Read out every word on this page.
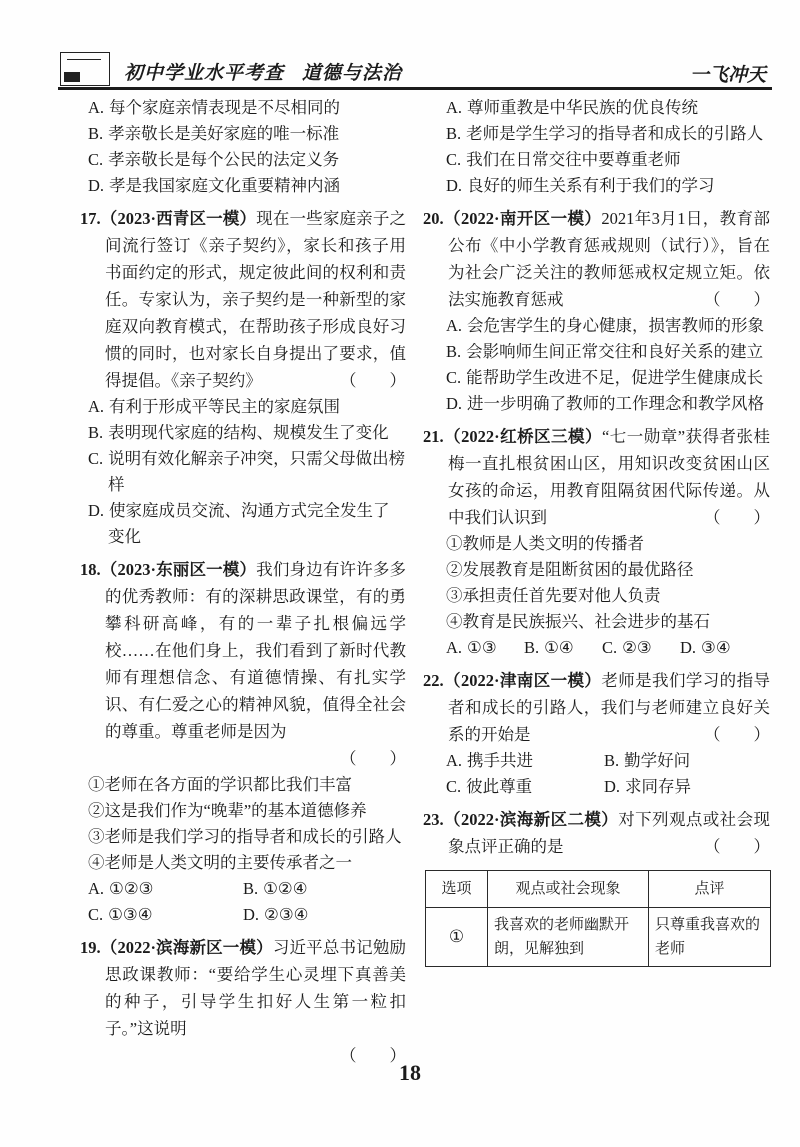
初中学业水平考查 道德与法治	一飞冲天
A. 每个家庭亲情表现是不尽相同的
B. 孝亲敬长是美好家庭的唯一标准
C. 孝亲敬长是每个公民的法定义务
D. 孝是我国家庭文化重要精神内涵
17.（2023·西青区一模）现在一些家庭亲子之间流行签订《亲子契约》，家长和孩子用书面约定的形式，规定彼此间的权利和责任。专家认为，亲子契约是一种新型的家庭双向教育模式，在帮助孩子形成良好习惯的同时，也对家长自身提出了要求，值得提倡。《亲子契约》	（　　）
A. 有利于形成平等民主的家庭氛围
B. 表明现代家庭的结构、规模发生了变化
C. 说明有效化解亲子冲突，只需父母做出榜样
D. 使家庭成员交流、沟通方式完全发生了变化
18.（2023·东丽区一模）我们身边有许许多多的优秀教师：有的深耕思政课堂，有的勇攀科研高峰，有的一辈子扎根偏远学校……在他们身上，我们看到了新时代教师有理想信念、有道德情操、有扎实学识、有仁爱之心的精神风貌，值得全社会的尊重。尊重老师是因为
（　　）
①老师在各方面的学识都比我们丰富
②这是我们作为“晚辈”的基本道德修养
③老师是我们学习的指导者和成长的引路人
④老师是人类文明的主要传承者之一
A. ①②③	B. ①②④
C. ①③④	D. ②③④
19.（2022·滨海新区一模）习近平总书记勉励思政课教师：“要给学生心灵埋下真善美的种子，引导学生扣好人生第一粒扣子。”这说明
（　　）
A. 尊师重教是中华民族的优良传统
B. 老师是学生学习的指导者和成长的引路人
C. 我们在日常交往中要尊重老师
D. 良好的师生关系有利于我们的学习
20.（2022·南开区一模）2021年3月1日，教育部公布《中小学教育惩戒规则（试行）》，旨在为社会广泛关注的教师惩戒权定规立矩。依法实施教育惩戒	（　　）
A. 会危害学生的身心健康，损害教师的形象
B. 会影响师生间正常交往和良好关系的建立
C. 能帮助学生改进不足，促进学生健康成长
D. 进一步明确了教师的工作理念和教学风格
21.（2022·红桥区三模）“七一勋章”获得者张桂梅一直扎根贫困山区，用知识改变贫困山区女孩的命运，用教育阻隔贫困代际传递。从中我们认识到	（　　）
①教师是人类文明的传播者
②发展教育是阻断贫困的最优路径
③承担责任首先要对他人负责
④教育是民族振兴、社会进步的基石
A. ①③	B. ①④	C. ②③	D. ③④
22.（2022·津南区一模）老师是我们学习的指导者和成长的引路人，我们与老师建立良好关系的开始是	（　　）
A. 携手共进	B. 勤学好问
C. 彼此尊重	D. 求同存异
23.（2022·滨海新区二模）对下列观点或社会现象点评正确的是	（　　）
选项	观点或社会现象	点评
①	我喜欢的老师幽默开朗，见解独到	只尊重我喜欢的老师
18
